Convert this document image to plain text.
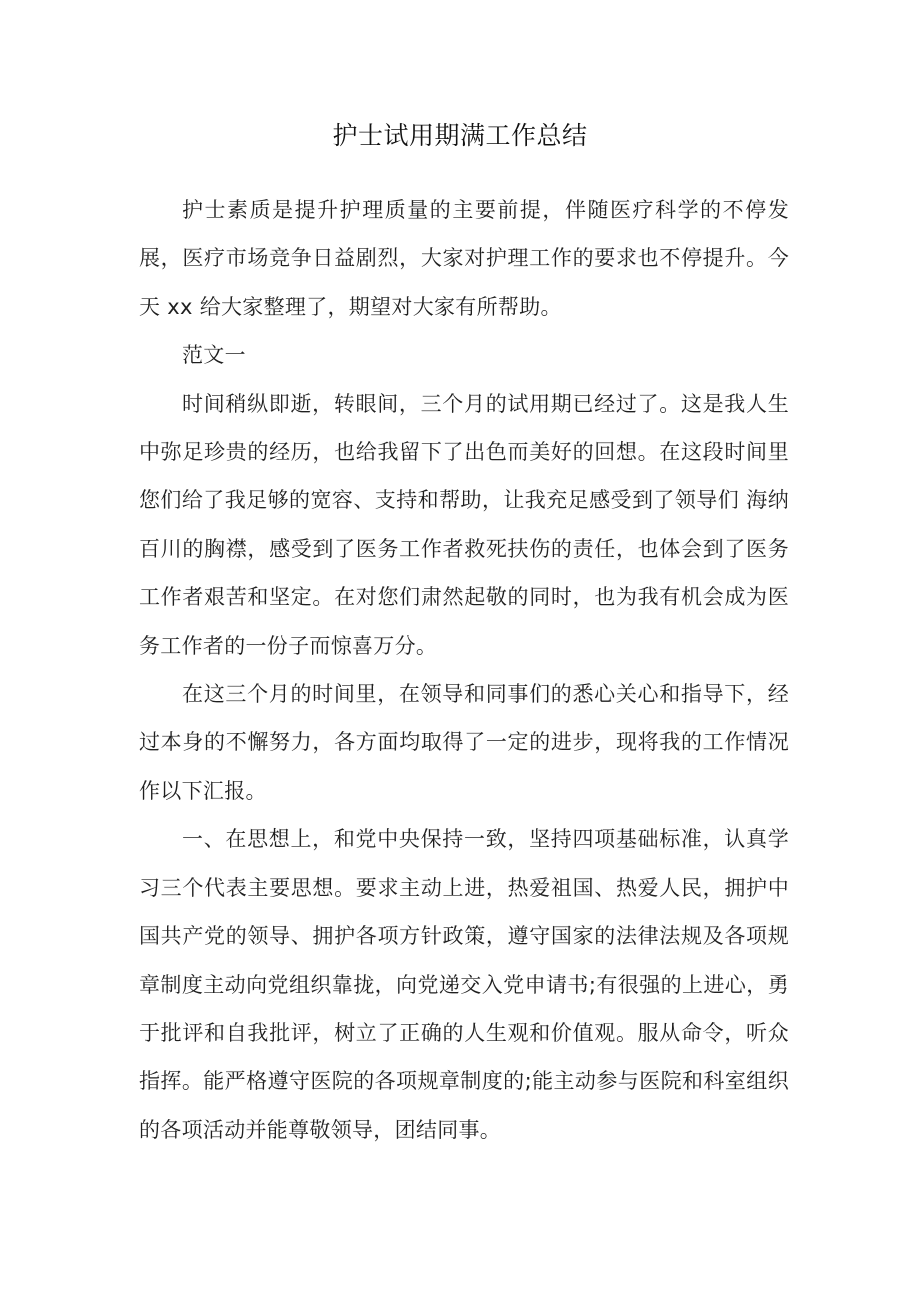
护士试用期满工作总结

护士素质是提升护理质量的主要前提，伴随医疗科学的不停发展，医疗市场竞争日益剧烈，大家对护理工作的要求也不停提升。今天 xx 给大家整理了，期望对大家有所帮助。

范文一

时间稍纵即逝，转眼间，三个月的试用期已经过了。这是我人生中弥足珍贵的经历，也给我留下了出色而美好的回想。在这段时间里您们给了我足够的宽容、支持和帮助，让我充足感受到了领导们 海纳百川的胸襟，感受到了医务工作者救死扶伤的责任，也体会到了医务工作者艰苦和坚定。在对您们肃然起敬的同时，也为我有机会成为医务工作者的一份子而惊喜万分。

在这三个月的时间里，在领导和同事们的悉心关心和指导下，经过本身的不懈努力，各方面均取得了一定的进步，现将我的工作情况作以下汇报。

一、在思想上，和党中央保持一致，坚持四项基础标准，认真学习三个代表主要思想。要求主动上进，热爱祖国、热爱人民，拥护中国共产党的领导、拥护各项方针政策，遵守国家的法律法规及各项规章制度主动向党组织靠拢，向党递交入党申请书;有很强的上进心，勇于批评和自我批评，树立了正确的人生观和价值观。服从命令，听众指挥。能严格遵守医院的各项规章制度的;能主动参与医院和科室组织的各项活动并能尊敬领导，团结同事。
